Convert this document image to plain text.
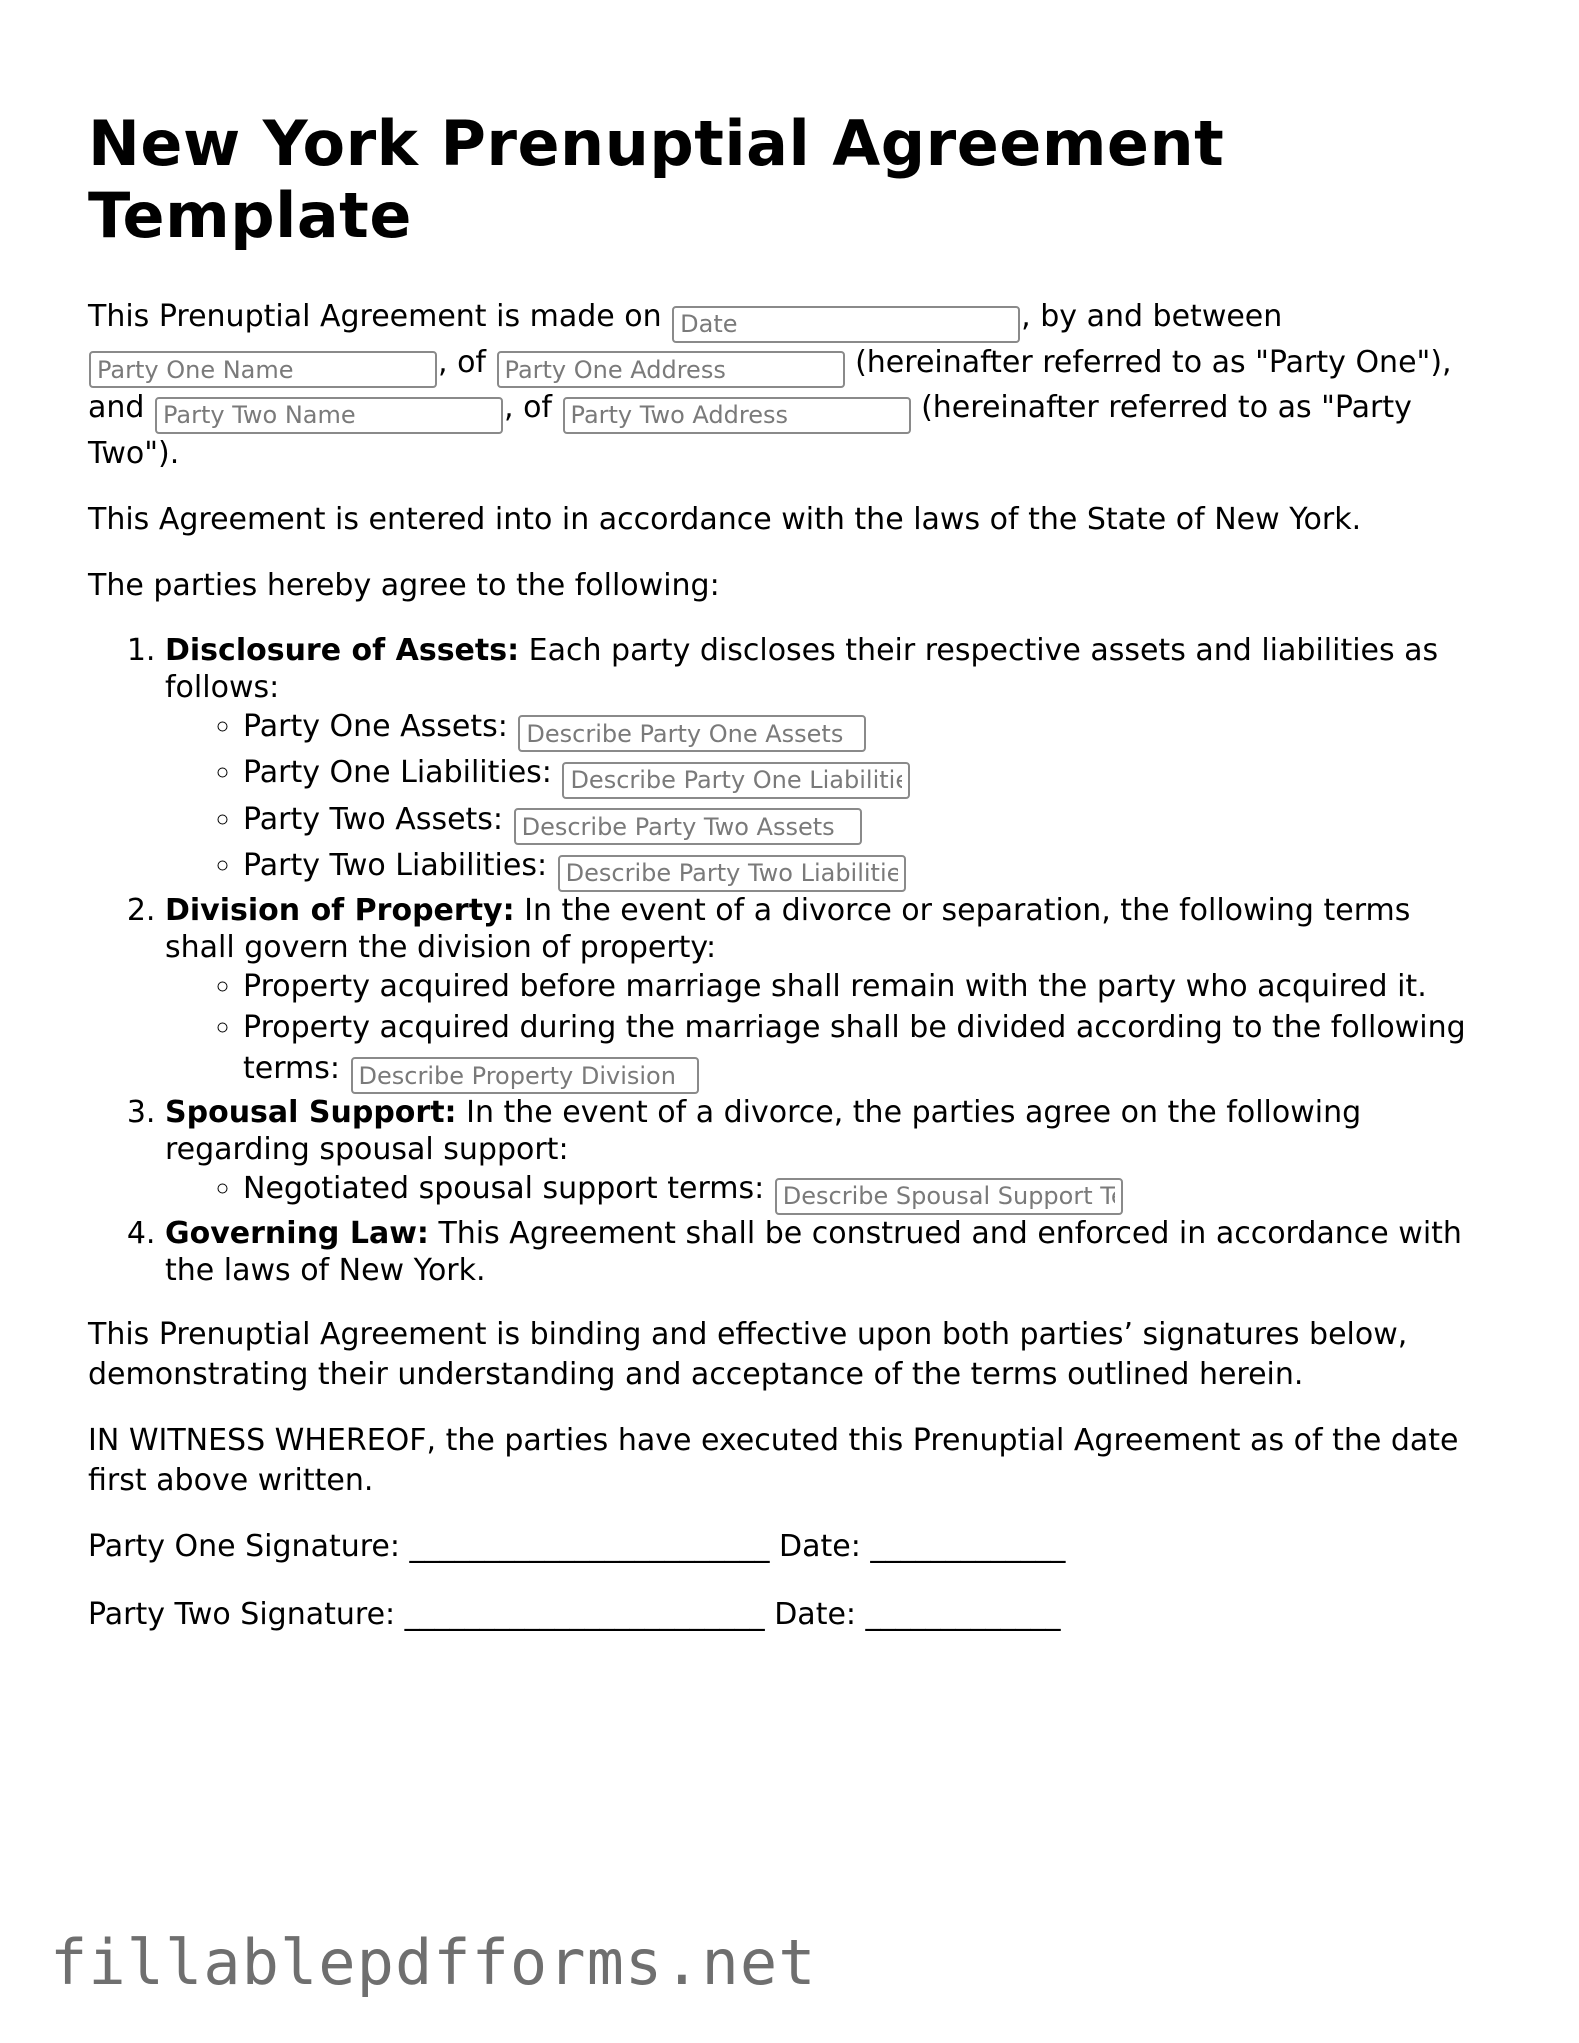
New York Prenuptial Agreement Template

This Prenuptial Agreement is made on Date	, by and between Party One Name, of Party One Address	(hereinafter referred to as "Party One"), and Party Two Name	, of Party Two Address	(hereinafter referred to as "Party Two").

This Agreement is entered into in accordance with the laws of the State of New York.

The parties hereby agree to the following:

1. Disclosure of Assets: Each party discloses their respective assets and liabilities as follows:
◦ Party One Assets: Describe Party One Assets
◦ Party One Liabilities: Describe Party One Liabilities
◦ Party Two Assets: Describe Party Two Assets
◦ Party Two Liabilities: Describe Party Two Liabilities
2. Division of Property: In the event of a divorce or separation, the following terms shall govern the division of property:
◦ Property acquired before marriage shall remain with the party who acquired it.
◦ Property acquired during the marriage shall be divided according to the following terms: Describe Property Division
3. Spousal Support: In the event of a divorce, the parties agree on the following regarding spousal support:
◦ Negotiated spousal support terms: Describe Spousal Support Terms
4. Governing Law: This Agreement shall be construed and enforced in accordance with the laws of New York.

This Prenuptial Agreement is binding and effective upon both parties’ signatures below, demonstrating their understanding and acceptance of the terms outlined herein.

IN WITNESS WHEREOF, the parties have executed this Prenuptial Agreement as of the date first above written.

Party One Signature: ________________________ Date: _____________
Party Two Signature: ________________________ Date: _____________
fillablepdfforms.net
